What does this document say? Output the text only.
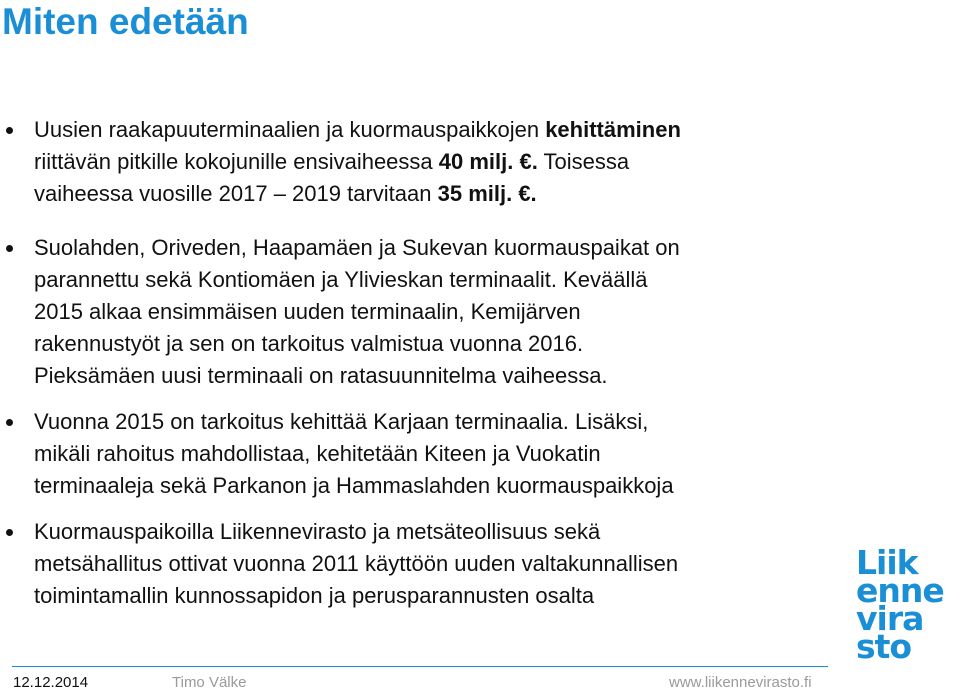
Miten edetään
Uusien raakapuuterminaalien ja kuormauspaikkojen kehittäminen
riittävän pitkille kokojunille ensivaiheessa 40 milj. €. Toisessa
vaiheessa vuosille 2017 – 2019 tarvitaan 35 milj. €.
Suolahden, Oriveden, Haapamäen ja Sukevan kuormauspaikat on
parannettu sekä Kontiomäen ja Ylivieskan terminaalit. Keväällä
2015 alkaa ensimmäisen uuden terminaalin, Kemijärven
rakennustyöt ja sen on tarkoitus valmistua vuonna 2016.
Pieksämäen uusi terminaali on ratasuunnitelma vaiheessa.
Vuonna 2015 on tarkoitus kehittää Karjaan terminaalia. Lisäksi,
mikäli rahoitus mahdollistaa, kehitetään Kiteen ja Vuokatin
terminaaleja sekä Parkanon ja Hammaslahden kuormauspaikkoja
Kuormauspaikoilla Liikennevirasto ja metsäteollisuus sekä
metsähallitus ottivat vuonna 2011 käyttöön uuden valtakunnallisen
toimintamallin kunnossapidon ja perusparannusten osalta
Liik
enne
vira
sto
12.12.2014	Timo Välke	www.liikennevirasto.fi
